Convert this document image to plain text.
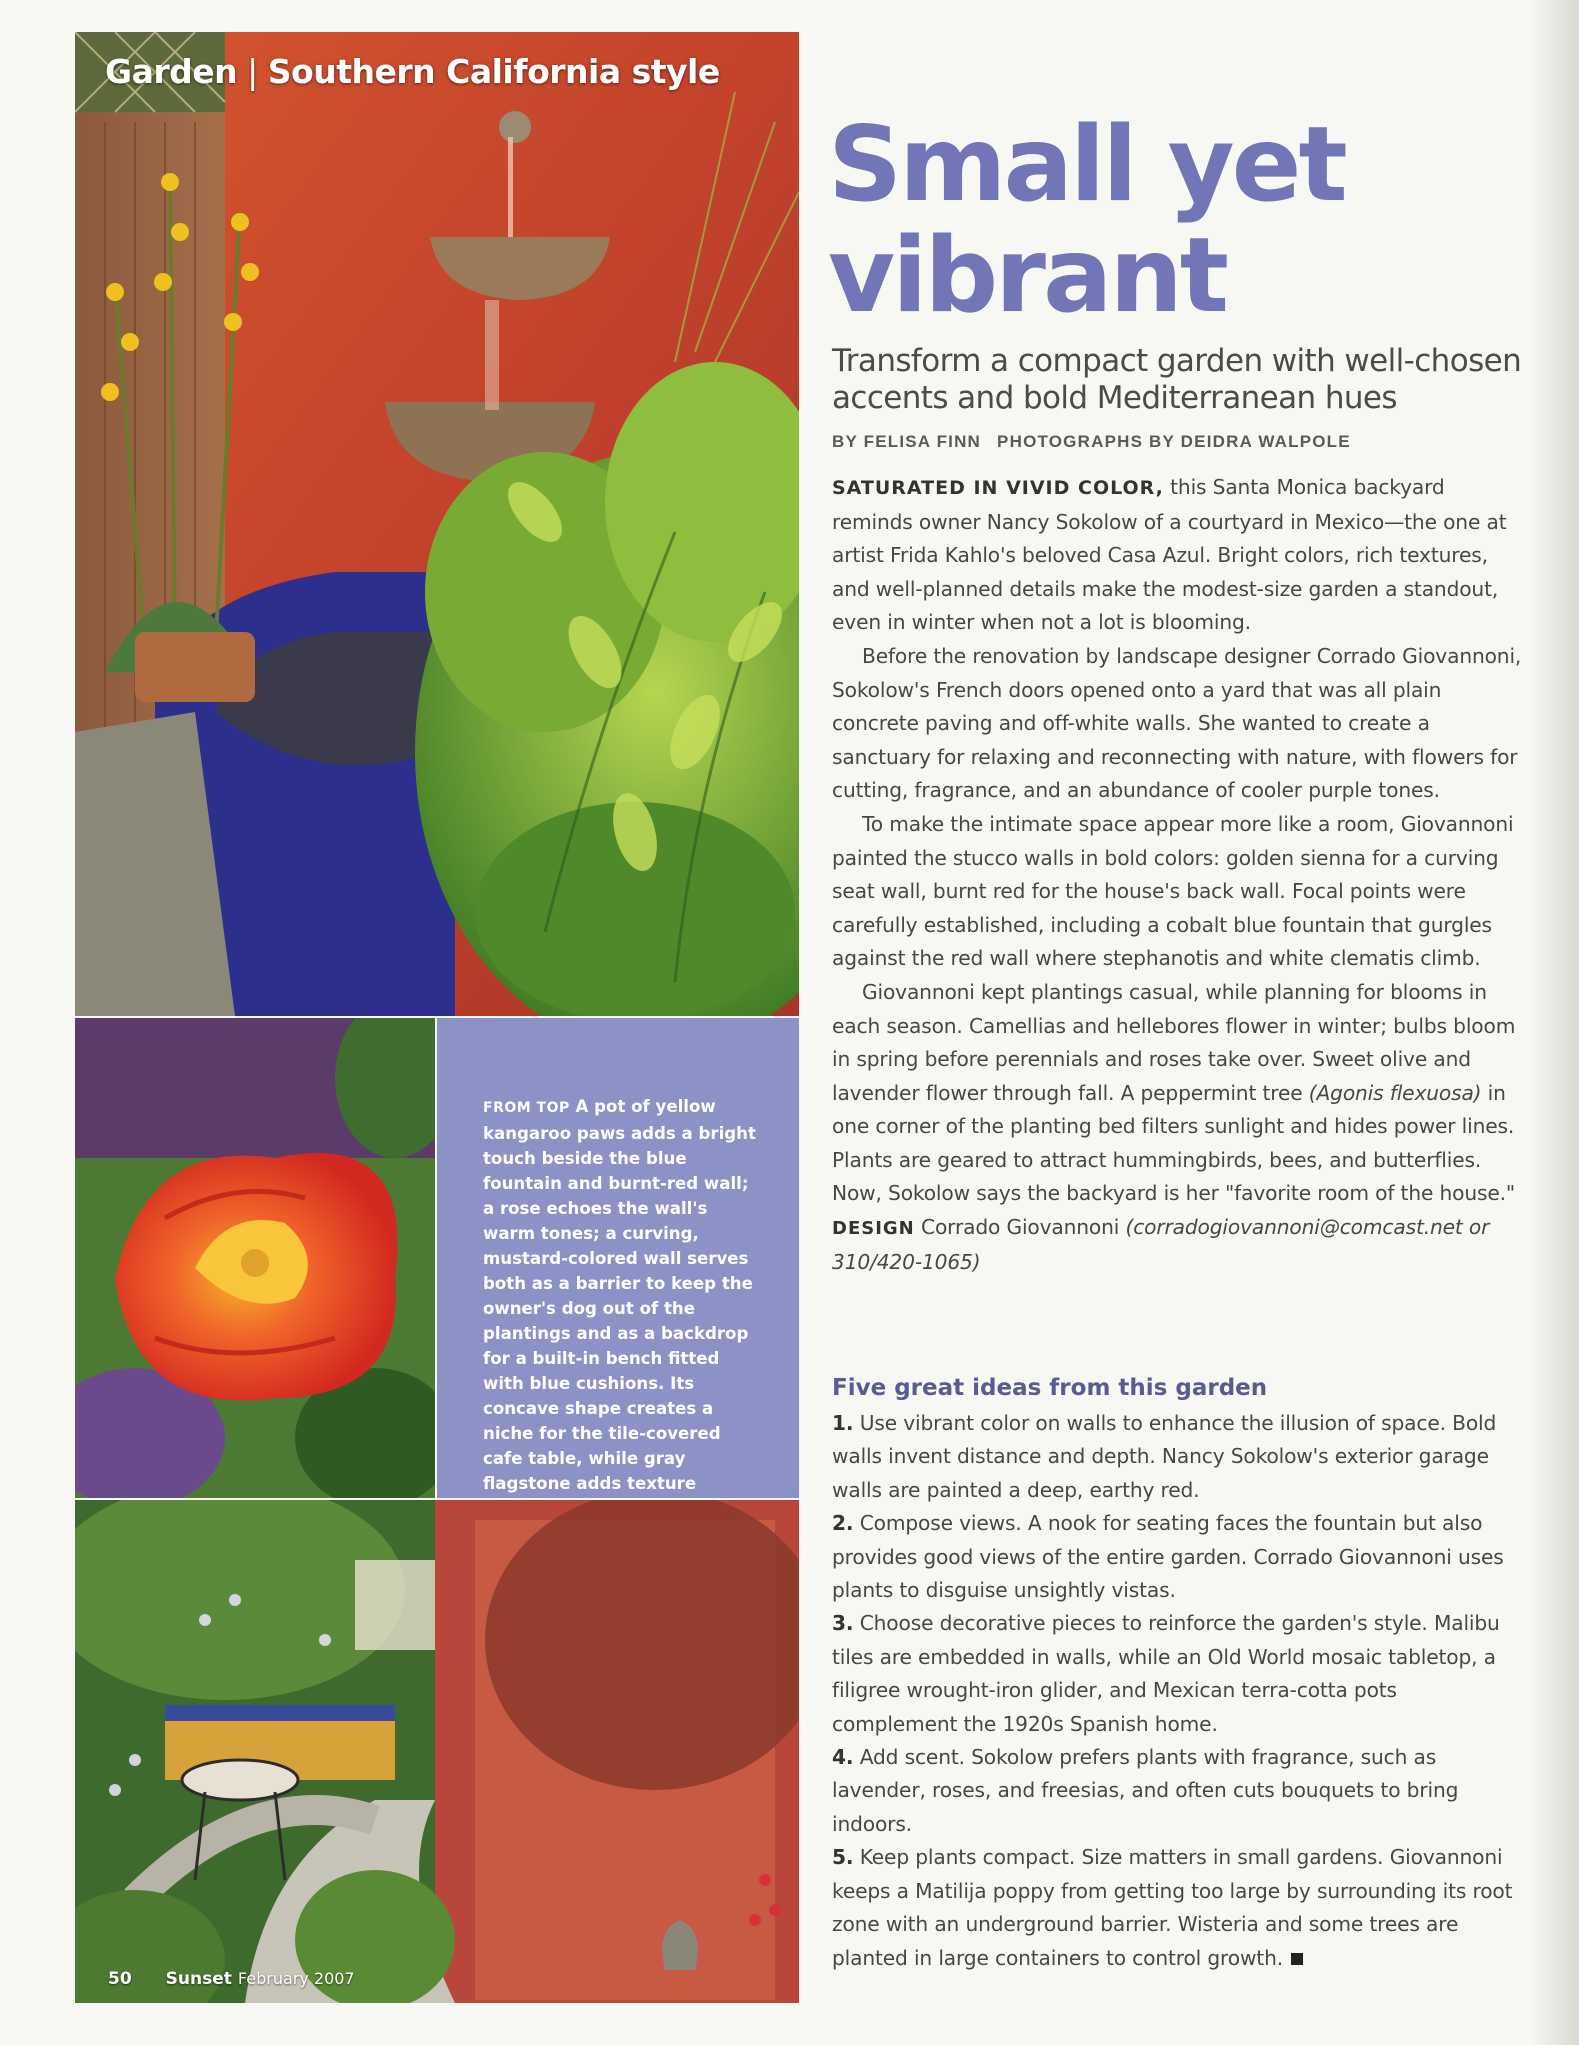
Garden | Southern California style
FROM TOP A pot of yellow kangaroo paws adds a bright touch beside the blue fountain and burnt-red wall; a rose echoes the wall's warm tones; a curving, mustard-colored wall serves both as a barrier to keep the owner's dog out of the plantings and as a backdrop for a built-in bench fitted with blue cushions. Its concave shape creates a niche for the tile-covered cafe table, while gray flagstone adds texture
50 Sunset February 2007
Small yet
vibrant

Transform a compact garden with well-chosen accents and bold Mediterranean hues

BY FELISA FINN PHOTOGRAPHS BY DEIDRA WALPOLE

SATURATED IN VIVID COLOR, this Santa Monica backyard reminds owner Nancy Sokolow of a courtyard in Mexico—the one at artist Frida Kahlo's beloved Casa Azul. Bright colors, rich textures, and well-planned details make the modest-size garden a standout, even in winter when not a lot is blooming.

Before the renovation by landscape designer Corrado Giovannoni, Sokolow's French doors opened onto a yard that was all plain concrete paving and off-white walls. She wanted to create a sanctuary for relaxing and reconnecting with nature, with flowers for cutting, fragrance, and an abundance of cooler purple tones.

To make the intimate space appear more like a room, Giovannoni painted the stucco walls in bold colors: golden sienna for a curving seat wall, burnt red for the house's back wall. Focal points were carefully established, including a cobalt blue fountain that gurgles against the red wall where stephanotis and white clematis climb.

Giovannoni kept plantings casual, while planning for blooms in each season. Camellias and hellebores flower in winter; bulbs bloom in spring before perennials and roses take over. Sweet olive and lavender flower through fall. A peppermint tree (Agonis flexuosa) in one corner of the planting bed filters sunlight and hides power lines. Plants are geared to attract hummingbirds, bees, and butterflies. Now, Sokolow says the backyard is her "favorite room of the house."

DESIGN Corrado Giovannoni (corradogiovannoni@comcast.net or 310/420-1065)

Five great ideas from this garden
1. Use vibrant color on walls to enhance the illusion of space. Bold walls invent distance and depth. Nancy Sokolow's exterior garage walls are painted a deep, earthy red.
2. Compose views. A nook for seating faces the fountain but also provides good views of the entire garden. Corrado Giovannoni uses plants to disguise unsightly vistas.
3. Choose decorative pieces to reinforce the garden's style. Malibu tiles are embedded in walls, while an Old World mosaic tabletop, a filigree wrought-iron glider, and Mexican terra-cotta pots complement the 1920s Spanish home.
4. Add scent. Sokolow prefers plants with fragrance, such as lavender, roses, and freesias, and often cuts bouquets to bring indoors.
5. Keep plants compact. Size matters in small gardens. Giovannoni keeps a Matilija poppy from getting too large by surrounding its root zone with an underground barrier. Wisteria and some trees are planted in large containers to control growth.
